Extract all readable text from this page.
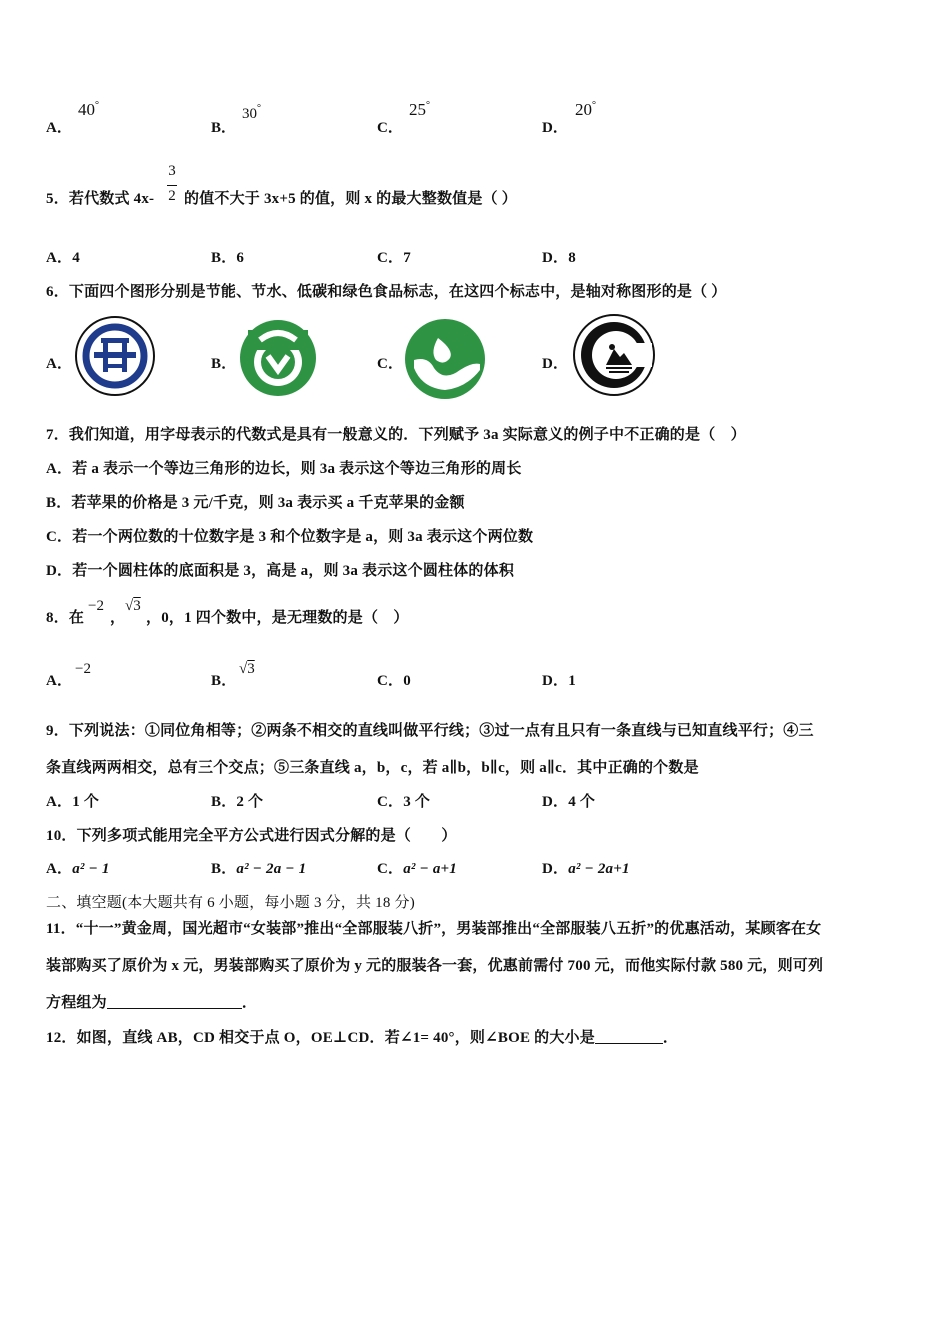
A．
40°
B．
30°
C．
25°
D．
20°
5．若代数式 4x-
3
2 的值不大于 3x+5 的值，则 x 的最大整数值是（ ）
A．4	B．6	C．7	D．8
6．下面四个图形分别是节能、节水、低碳和绿色食品标志，在这四个标志中，是轴对称图形的是（ ）
A．	B．	C．	D．
7．我们知道，用字母表示的代数式是具有一般意义的．下列赋予 3a 实际意义的例子中不正确的是（　）
A．若 a 表示一个等边三角形的边长，则 3a 表示这个等边三角形的周长
B．若苹果的价格是 3 元/千克，则 3a 表示买 a 千克苹果的金额
C．若一个两位数的十位数字是 3 和个位数字是 a，则 3a 表示这个两位数
D．若一个圆柱体的底面积是 3，高是 a，则 3a 表示这个圆柱体的体积
8．在
−2
，
√3
，0，1 四个数中，是无理数的是（　）
A．
−2
B．
√3
C．0	D．1
9．下列说法：①同位角相等；②两条不相交的直线叫做平行线；③过一点有且只有一条直线与已知直线平行；④三
条直线两两相交，总有三个交点；⑤三条直线 a，b，c，若 a∥b，b∥c，则 a∥c．其中正确的个数是
A．1 个	B．2 个	C．3 个	D．4 个
10．下列多项式能用完全平方公式进行因式分解的是（　　）
A．a² − 1	B．a² − 2a − 1	C．a² − a+1	D．a² − 2a+1
二、填空题(本大题共有 6 小题，每小题 3 分，共 18 分)
11．“十一”黄金周，国光超市“女装部”推出“全部服装八折”，男装部推出“全部服装八五折”的优惠活动，某顾客在女
装部购买了原价为 x 元，男装部购买了原价为 y 元的服装各一套，优惠前需付 700 元，而他实际付款 580 元，则可列
方程组为	．
12．如图，直线 AB，CD 相交于点 O，OE⊥CD．若∠1= 40°，则∠BOE 的大小是	．
